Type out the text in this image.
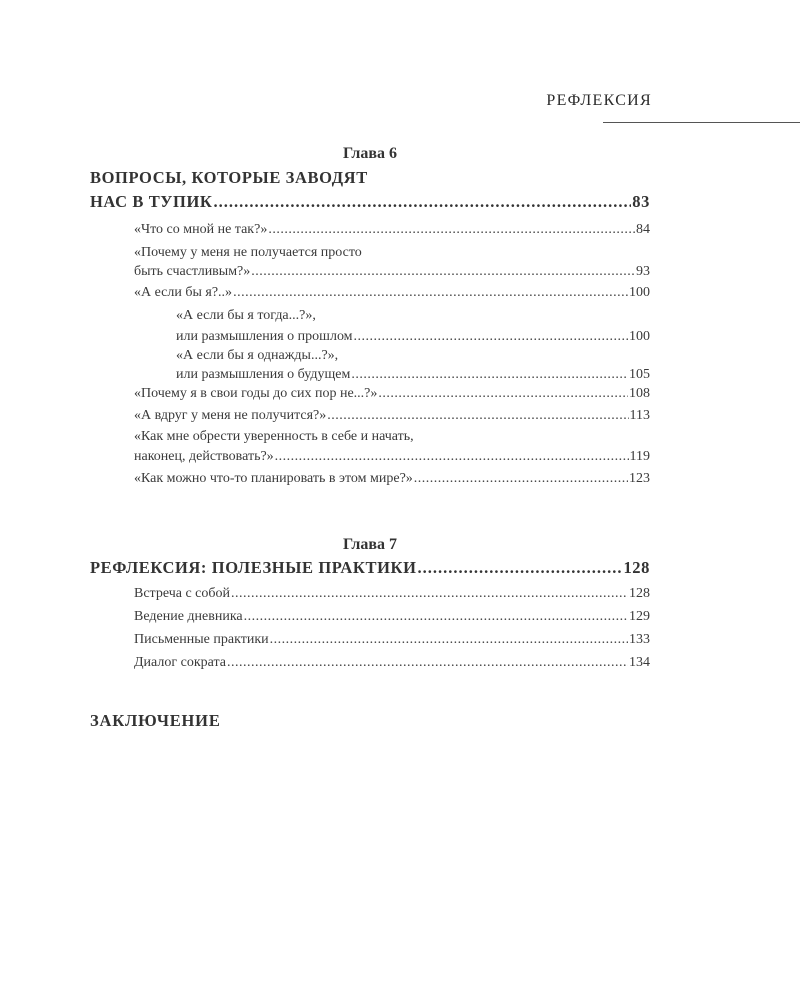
РЕФЛЕКСИЯ
Глава 6
ВОПРОСЫ, КОТОРЫЕ ЗАВОДЯТ
НАС В ТУПИК .....	83
«Что со мной не так?» .....	84
«Почему у меня не получается просто
быть счастливым?» .....	93
«А если бы я?..» .....	100
«А если бы я тогда...?»,
или размышления о прошлом .....	100
«А если бы я однажды...?»,
или размышления о будущем .....	105
«Почему я в свои годы до сих пор не...?» .....	108
«А вдруг у меня не получится?» .....	113
«Как мне обрести уверенность в себе и начать,
наконец, действовать?» .....	119
«Как можно что-то планировать в этом мире?» .....	123
Глава 7
РЕФЛЕКСИЯ: ПОЛЕЗНЫЕ ПРАКТИКИ .....	128
Встреча с собой .....	128
Ведение дневника .....	129
Письменные практики .....	133
Диалог сократа .....	134
ЗАКЛЮЧЕНИЕ
